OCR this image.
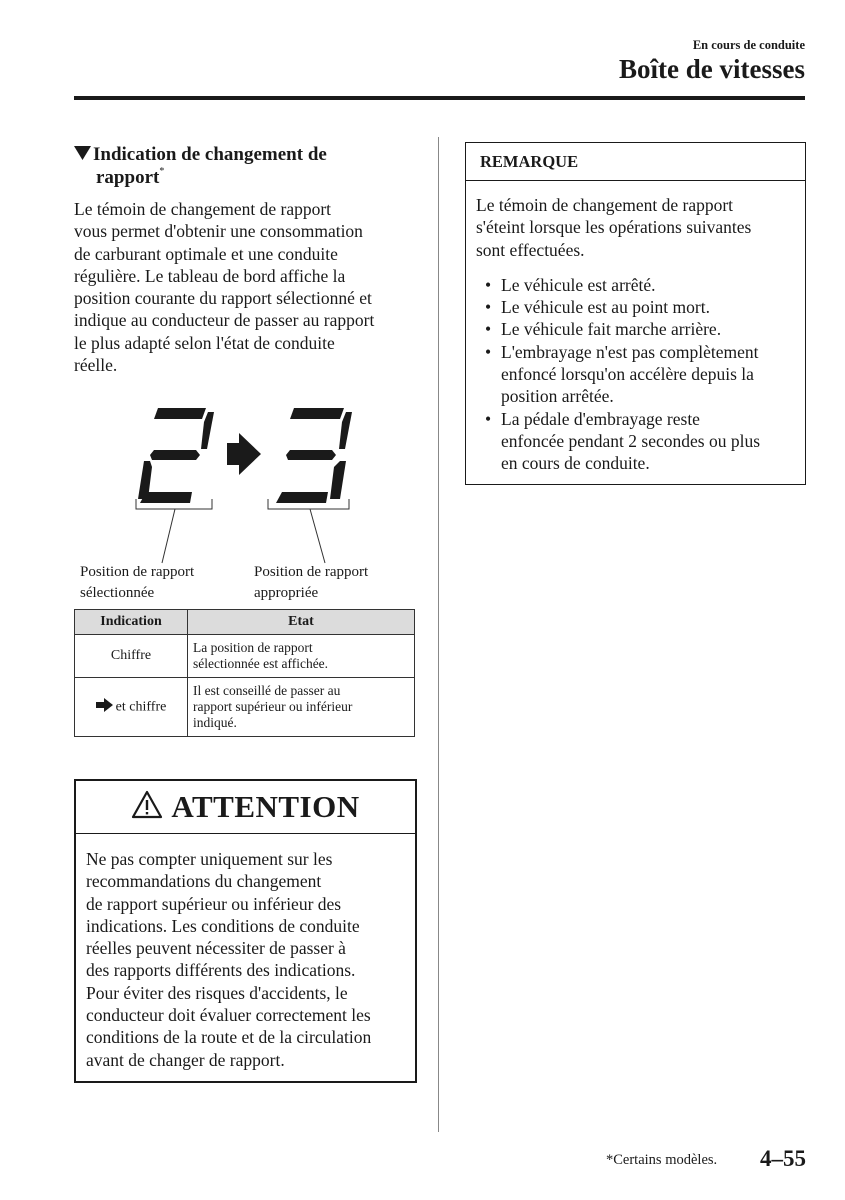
En cours de conduite
Boîte de vitesses
Indication de changement de
rapport*
Le témoin de changement de rapport
vous permet d'obtenir une consommation
de carburant optimale et une conduite
régulière. Le tableau de bord affiche la
position courante du rapport sélectionné et
indique au conducteur de passer au rapport
le plus adapté selon l'état de conduite
réelle.
Position de rapport
sélectionnée
Position de rapport
appropriée
Indication	Etat
Chiffre	La position de rapport
sélectionnée est affichée.

et chiffre	Il est conseillé de passer au
rapport supérieur ou inférieur
indiqué.
ATTENTION
Ne pas compter uniquement sur les
recommandations du changement
de rapport supérieur ou inférieur des
indications. Les conditions de conduite
réelles peuvent nécessiter de passer à
des rapports différents des indications.
Pour éviter des risques d'accidents, le
conducteur doit évaluer correctement les
conditions de la route et de la circulation
avant de changer de rapport.
REMARQUE
Le témoin de changement de rapport
s'éteint lorsque les opérations suivantes
sont effectuées.
• Le véhicule est arrêté.
• Le véhicule est au point mort.
• Le véhicule fait marche arrière.
• L'embrayage n'est pas complètement
enfoncé lorsqu'on accélère depuis la
position arrêtée.
• La pédale d'embrayage reste
enfoncée pendant 2 secondes ou plus
en cours de conduite.
*Certains modèles. 4–55
